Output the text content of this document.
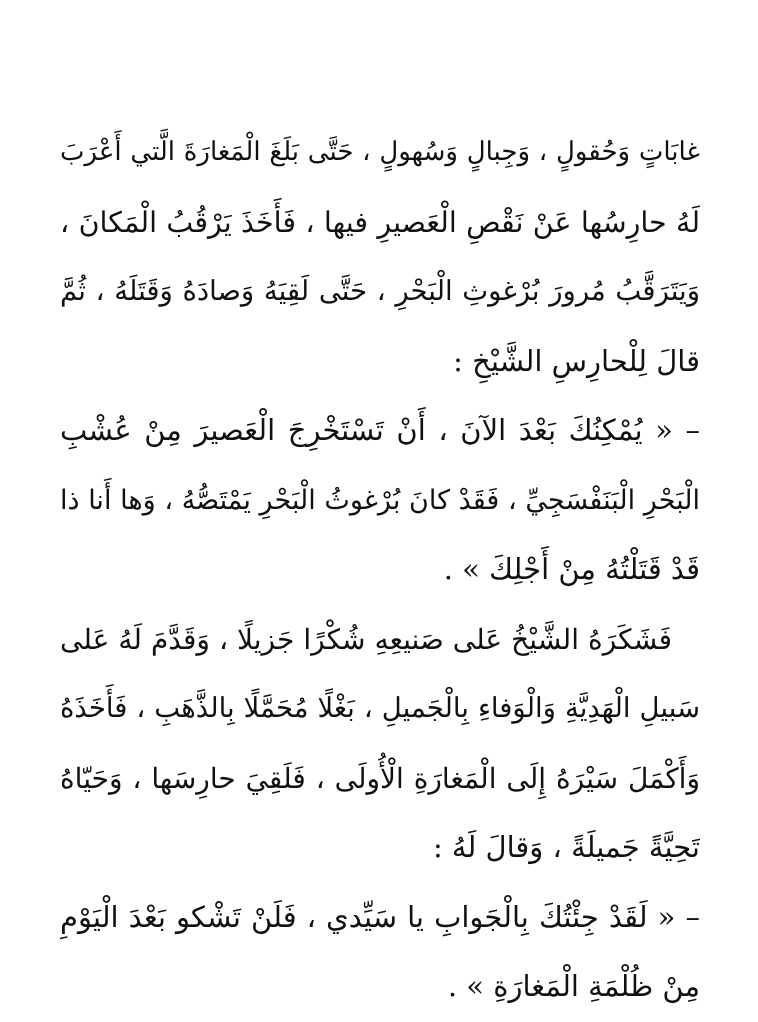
غابَاتٍ وَحُقولٍ ، وَجِبالٍ وَسُهولٍ ، حَتَّى بَلَغَ الْمَغارَةَ الَّتي أَعْرَبَ
لَهُ حارِسُها عَنْ نَقْصِ الْعَصيرِ فيها ، فَأَخَذَ يَرْقُبُ الْمَكانَ ،
وَيَتَرَقَّبُ مُرورَ بُرْغوثِ الْبَحْرِ ، حَتَّى لَقِيَهُ وَصادَهُ وَقَتَلَهُ ، ثُمَّ
قالَ لِلْحارِسِ الشَّيْخِ :
– « يُمْكِنُكَ بَعْدَ الآنَ ، أَنْ تَسْتَخْرِجَ الْعَصيرَ مِنْ عُشْبِ
الْبَحْرِ الْبَنَفْسَجِيِّ ، فَقَدْ كانَ بُرْغوثُ الْبَحْرِ يَمْتَصُّهُ ، وَها أَنا ذا
قَدْ قَتَلْتُهُ مِنْ أَجْلِكَ » .
فَشَكَرَهُ الشَّيْخُ عَلى صَنيعِهِ شُكْرًا جَزيلًا ، وَقَدَّمَ لَهُ عَلى
سَبيلِ الْهَدِيَّةِ وَالْوَفاءِ بِالْجَميلِ ، بَغْلًا مُحَمَّلًا بِالذَّهَبِ ، فَأَخَذَهُ
وَأَكْمَلَ سَيْرَهُ إِلَى الْمَغارَةِ الْأُولَى ، فَلَقِيَ حارِسَها ، وَحَيّاهُ
تَحِيَّةً جَميلَةً ، وَقالَ لَهُ :
– « لَقَدْ جِئْتُكَ بِالْجَوابِ يا سَيِّدي ، فَلَنْ تَشْكو بَعْدَ الْيَوْمِ
مِنْ ظُلْمَةِ الْمَغارَةِ » .
